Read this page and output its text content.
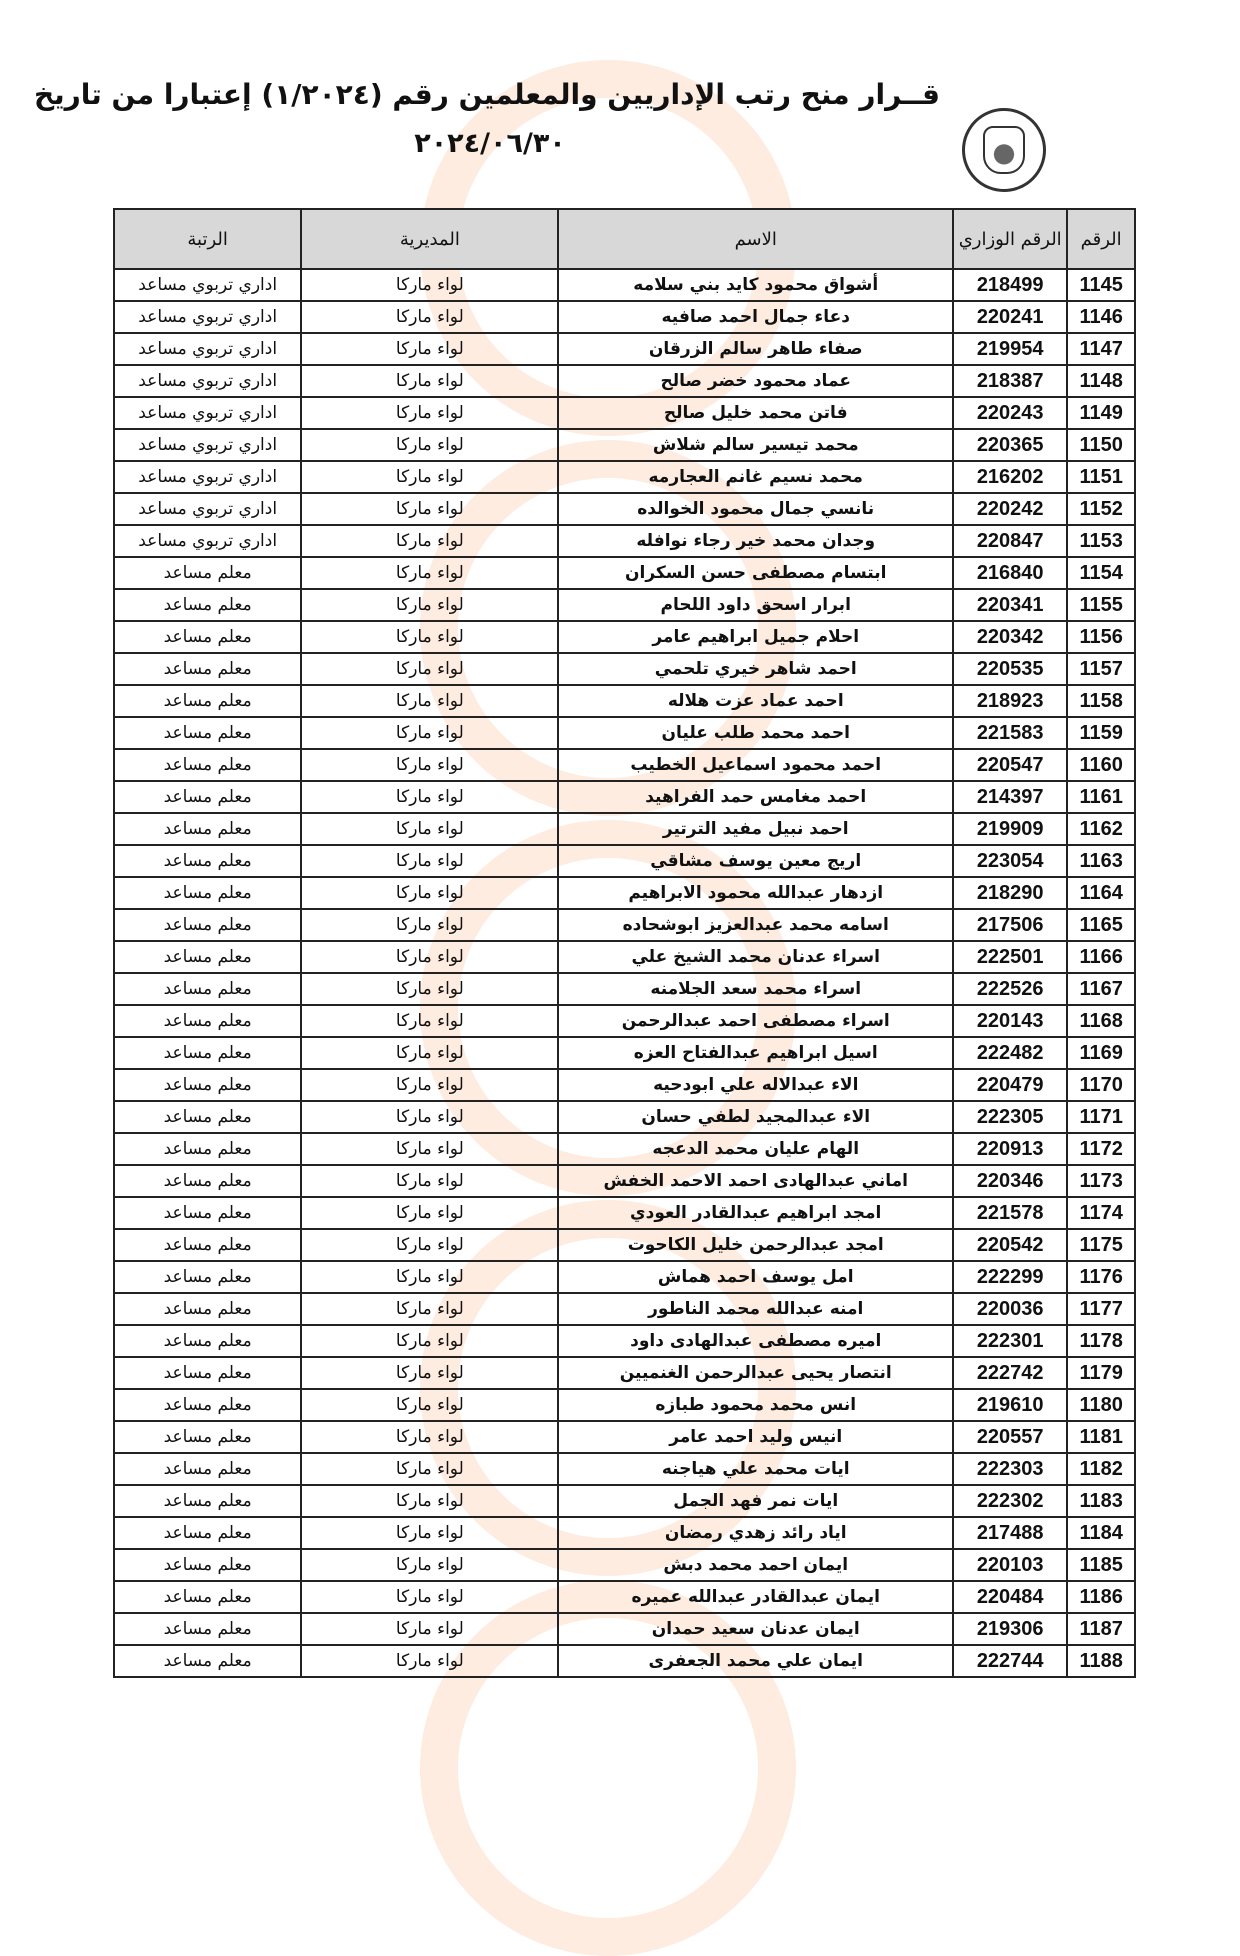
قــرار منح رتب الإداريين والمعلمين رقم (١/٢٠٢٤) إعتبارا من تاريخ
٢٠٢٤/٠٦/٣٠
الرقم	الرقم الوزاري	الاسم	المديرية	الرتبة
1145	218499	أشواق محمود كايد بني سلامه	لواء ماركا	اداري تربوي مساعد
1146	220241	دعاء جمال احمد صافيه	لواء ماركا	اداري تربوي مساعد
1147	219954	صفاء طاهر سالم الزرقان	لواء ماركا	اداري تربوي مساعد
1148	218387	عماد محمود خضر صالح	لواء ماركا	اداري تربوي مساعد
1149	220243	فاتن محمد خليل صالح	لواء ماركا	اداري تربوي مساعد
1150	220365	محمد تيسير سالم شلاش	لواء ماركا	اداري تربوي مساعد
1151	216202	محمد نسيم غانم العجارمه	لواء ماركا	اداري تربوي مساعد
1152	220242	نانسي جمال محمود الخوالده	لواء ماركا	اداري تربوي مساعد
1153	220847	وجدان محمد خير رجاء نوافله	لواء ماركا	اداري تربوي مساعد
1154	216840	ابتسام مصطفى حسن السكران	لواء ماركا	معلم مساعد
1155	220341	ابرار اسحق داود اللحام	لواء ماركا	معلم مساعد
1156	220342	احلام جميل ابراهيم عامر	لواء ماركا	معلم مساعد
1157	220535	احمد شاهر خيري تلحمي	لواء ماركا	معلم مساعد
1158	218923	احمد عماد عزت هلاله	لواء ماركا	معلم مساعد
1159	221583	احمد محمد طلب عليان	لواء ماركا	معلم مساعد
1160	220547	احمد محمود اسماعيل الخطيب	لواء ماركا	معلم مساعد
1161	214397	احمد مغامس حمد الفراهيد	لواء ماركا	معلم مساعد
1162	219909	احمد نبيل مفيد الترتير	لواء ماركا	معلم مساعد
1163	223054	اريج معين يوسف مشاقي	لواء ماركا	معلم مساعد
1164	218290	ازدهار عبدالله محمود الابراهيم	لواء ماركا	معلم مساعد
1165	217506	اسامه محمد عبدالعزيز ابوشحاده	لواء ماركا	معلم مساعد
1166	222501	اسراء عدنان محمد الشيخ علي	لواء ماركا	معلم مساعد
1167	222526	اسراء محمد سعد الجلامنه	لواء ماركا	معلم مساعد
1168	220143	اسراء مصطفى احمد عبدالرحمن	لواء ماركا	معلم مساعد
1169	222482	اسيل ابراهيم عبدالفتاح العزه	لواء ماركا	معلم مساعد
1170	220479	الاء عبدالاله علي ابودحيه	لواء ماركا	معلم مساعد
1171	222305	الاء عبدالمجيد لطفي حسان	لواء ماركا	معلم مساعد
1172	220913	الهام عليان محمد الدعجه	لواء ماركا	معلم مساعد
1173	220346	اماني عبدالهادى احمد الاحمد الخفش	لواء ماركا	معلم مساعد
1174	221578	امجد ابراهيم عبدالقادر العودي	لواء ماركا	معلم مساعد
1175	220542	امجد عبدالرحمن خليل الكاحوت	لواء ماركا	معلم مساعد
1176	222299	امل يوسف احمد هماش	لواء ماركا	معلم مساعد
1177	220036	امنه عبدالله محمد الناطور	لواء ماركا	معلم مساعد
1178	222301	اميره مصطفى عبدالهادى داود	لواء ماركا	معلم مساعد
1179	222742	انتصار يحيى عبدالرحمن الغنميين	لواء ماركا	معلم مساعد
1180	219610	انس محمد محمود طبازه	لواء ماركا	معلم مساعد
1181	220557	انيس وليد احمد عامر	لواء ماركا	معلم مساعد
1182	222303	ايات محمد علي هياجنه	لواء ماركا	معلم مساعد
1183	222302	ايات نمر فهد الجمل	لواء ماركا	معلم مساعد
1184	217488	اياد رائد زهدي رمضان	لواء ماركا	معلم مساعد
1185	220103	ايمان احمد محمد دبش	لواء ماركا	معلم مساعد
1186	220484	ايمان عبدالقادر عبدالله عميره	لواء ماركا	معلم مساعد
1187	219306	ايمان عدنان سعيد حمدان	لواء ماركا	معلم مساعد
1188	222744	ايمان علي محمد الجعفرى	لواء ماركا	معلم مساعد
